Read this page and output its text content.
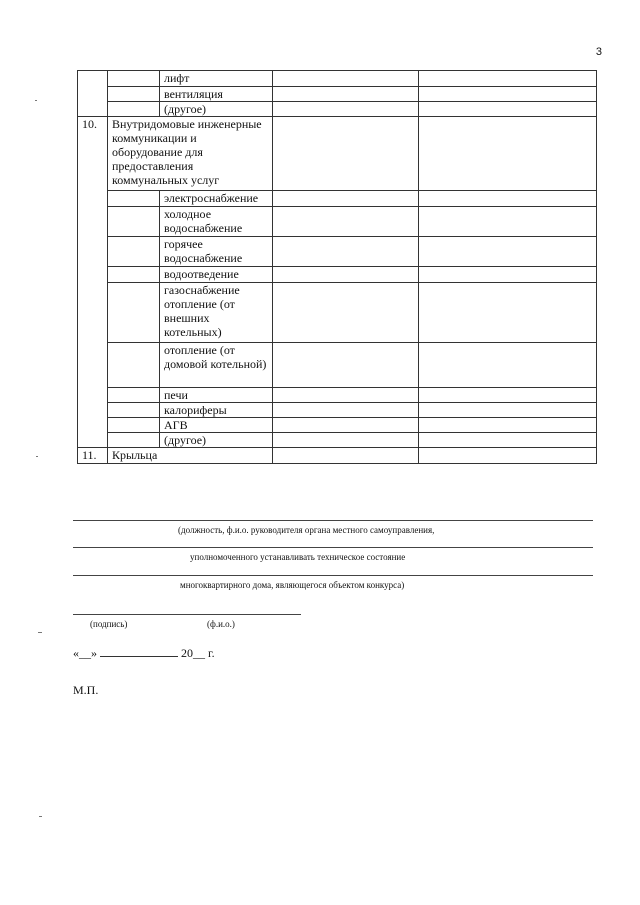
3
		лифт		
		вентиляция		
		(другое)		
10.	Внутридомовые инженерные коммуникации и оборудование для предоставления коммунальных услуг			
		электроснабжение		
		холодное водоснабжение		
		горячее водоснабжение		
		водоотведение		
		газоснабжение отопление (от внешних котельных)		
		отопление (от домовой котельной)		
		печи		
		калориферы		
		АГВ		
		(другое)		
11.	Крыльца			
(должность, ф.и.о. руководителя органа местного самоуправления,
уполномоченного устанавливать техническое состояние
многоквартирного дома, являющегося объектом конкурса)
(подпись)	(ф.и.о.)
«__»	20__ г.
М.П.
